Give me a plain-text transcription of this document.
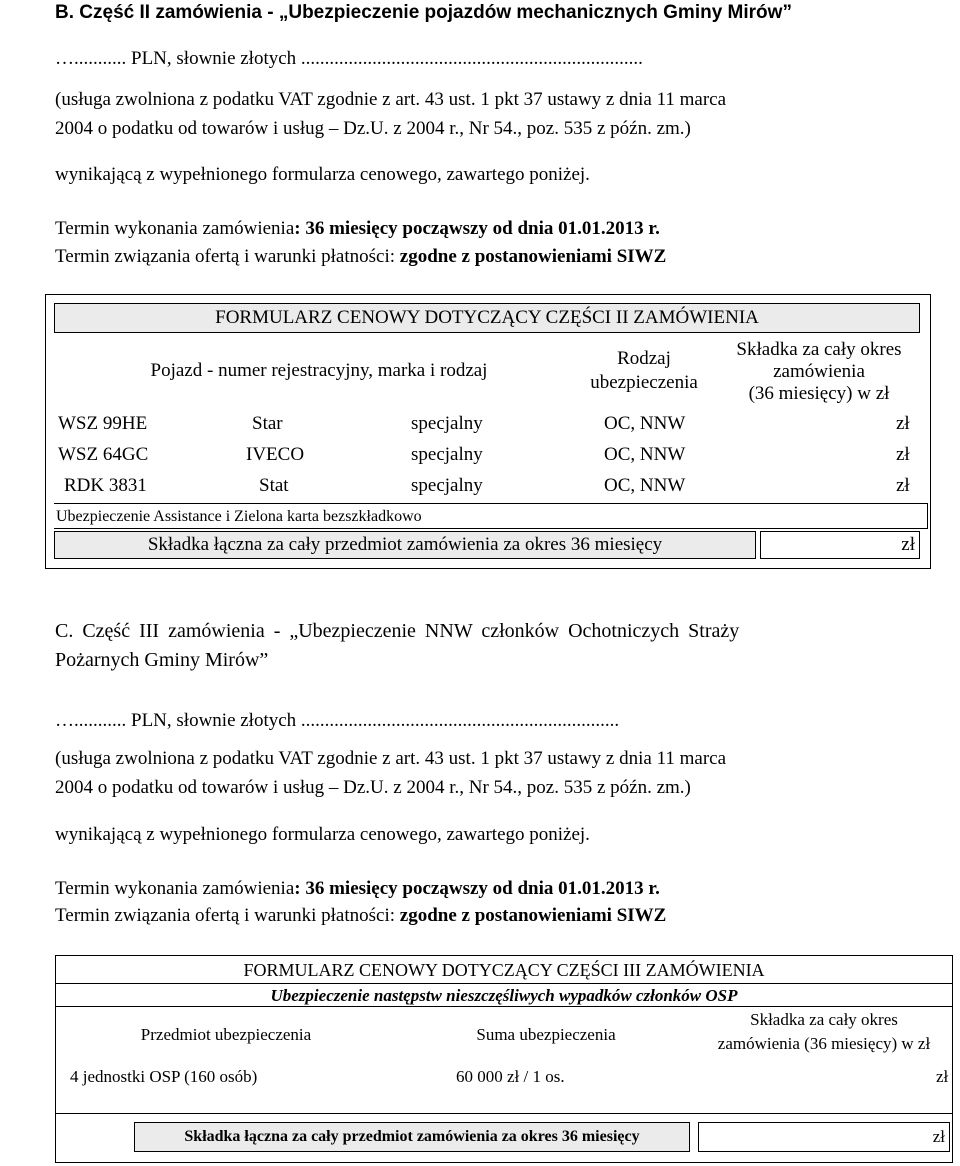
B. Część II zamówienia - „Ubezpieczenie pojazdów mechanicznych Gminy Mirów”
…........... PLN, słownie złotych ........................................................................
(usługa zwolniona z podatku VAT zgodnie z art. 43 ust. 1 pkt 37 ustawy z dnia 11 marca
2004 o podatku od towarów i usług – Dz.U. z 2004 r., Nr 54., poz. 535 z późn. zm.)
wynikającą z wypełnionego formularza cenowego, zawartego poniżej.
Termin wykonania zamówienia: 36 miesięcy począwszy od dnia 01.01.2013 r.
Termin związania ofertą i warunki płatności: zgodne z postanowieniami SIWZ
FORMULARZ CENOWY DOTYCZĄCY CZĘŚCI II ZAMÓWIENIA
Pojazd - numer rejestracyjny, marka i rodzaj
Rodzaj
ubezpieczenia
Składka za cały okres
zamówienia
(36 miesięcy) w zł
WSZ 99HE	Star	specjalny	OC, NNW	zł
WSZ 64GC	IVECO	specjalny	OC, NNW	zł
RDK 3831	Stat	specjalny	OC, NNW	zł
Ubezpieczenie Assistance i Zielona karta bezszkładkowo
Składka łączna za cały przedmiot zamówienia za okres 36 miesięcy	zł
C. Część III zamówienia - „Ubezpieczenie NNW członków Ochotniczych Straży
Pożarnych Gminy Mirów”
…........... PLN, słownie złotych ...................................................................
(usługa zwolniona z podatku VAT zgodnie z art. 43 ust. 1 pkt 37 ustawy z dnia 11 marca
2004 o podatku od towarów i usług – Dz.U. z 2004 r., Nr 54., poz. 535 z późn. zm.)
wynikającą z wypełnionego formularza cenowego, zawartego poniżej.
Termin wykonania zamówienia: 36 miesięcy począwszy od dnia 01.01.2013 r.
Termin związania ofertą i warunki płatności: zgodne z postanowieniami SIWZ
FORMULARZ CENOWY DOTYCZĄCY CZĘŚCI III ZAMÓWIENIA
Ubezpieczenie następstw nieszczęśliwych wypadków członków OSP
Przedmiot ubezpieczenia	Suma ubezpieczenia
Składka za cały okres
zamówienia (36 miesięcy) w zł
4 jednostki OSP (160 osób)	60 000 zł / 1 os.	zł
Składka łączna za cały przedmiot zamówienia za okres 36 miesięcy	zł
